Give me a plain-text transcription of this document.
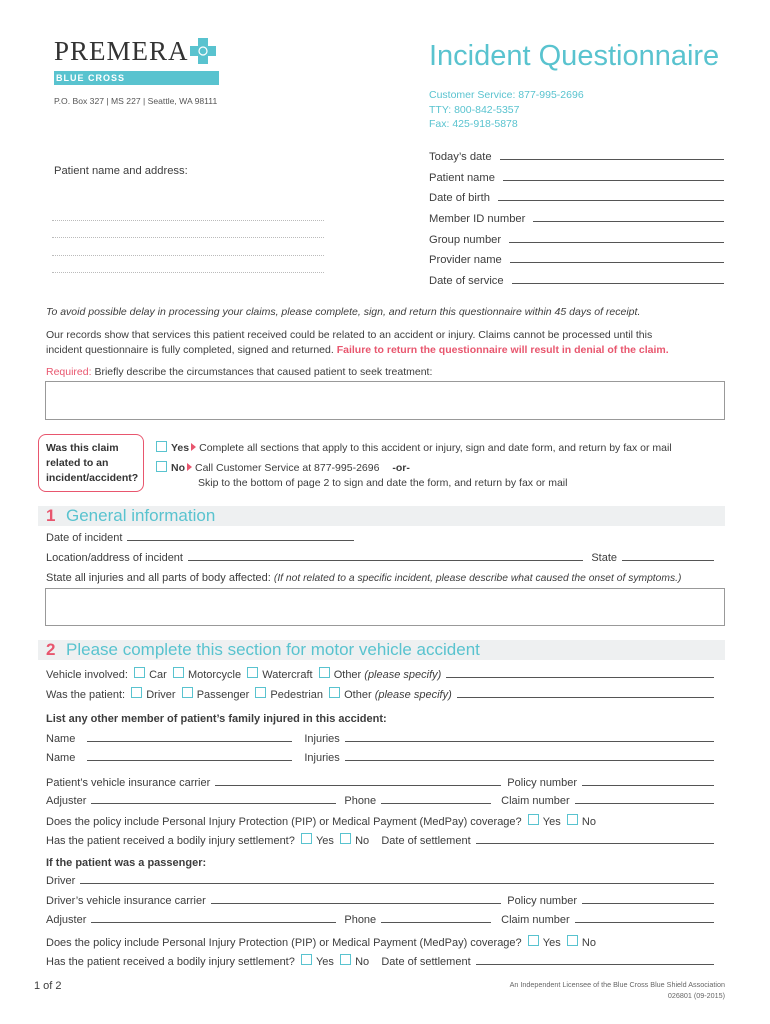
PREMERA
BLUE CROSS
P.O. Box 327 | MS 227 | Seattle, WA 98111
Incident Questionnaire
Customer Service: 877-995-2696
TTY: 800-842-5357
Fax: 425-918-5878
Patient name and address:
Today’s date
Patient name
Date of birth
Member ID number
Group number
Provider name
Date of service
To avoid possible delay in processing your claims, please complete, sign, and return this questionnaire within 45 days of receipt.
Our records show that services this patient received could be related to an accident or injury. Claims cannot be processed until this
incident questionnaire is fully completed, signed and returned. Failure to return the questionnaire will result in denial of the claim.
Required: Briefly describe the circumstances that caused patient to seek treatment:
Was this claim related to an incident/accident?
Yes Complete all sections that apply to this accident or injury, sign and date form, and return by fax or mail
No Call Customer Service at 877-995-2696 -or-
Skip to the bottom of page 2 to sign and date the form, and return by fax or mail
1 General information
Date of incident
Location/address of incident	State
State all injuries and all parts of body affected:
(If not related to a specific incident, please describe what caused the onset of symptoms.)
2 Please complete this section for motor vehicle accident
Vehicle involved:
Car
Motorcycle
Watercraft
Other
(please specify)
Was the patient:
Driver
Passenger
Pedestrian
Other
(please specify)
List any other member of patient’s family injured in this accident:
Name	Injuries
Name	Injuries
Patient’s vehicle insurance carrier	Policy number
Adjuster	Phone	Claim number
Does the policy include Personal Injury Protection (PIP) or Medical Payment (MedPay) coverage?
Yes
No
Has the patient received a bodily injury settlement?
Yes
No
Date of settlement
If the patient was a passenger:
Driver
Driver’s vehicle insurance carrier	Policy number
Adjuster	Phone	Claim number
Does the policy include Personal Injury Protection (PIP) or Medical Payment (MedPay) coverage?
Yes
No
Has the patient received a bodily injury settlement?
Yes
No
Date of settlement
1 of 2	An Independent Licensee of the Blue Cross Blue Shield Association
026801 (09-2015)
